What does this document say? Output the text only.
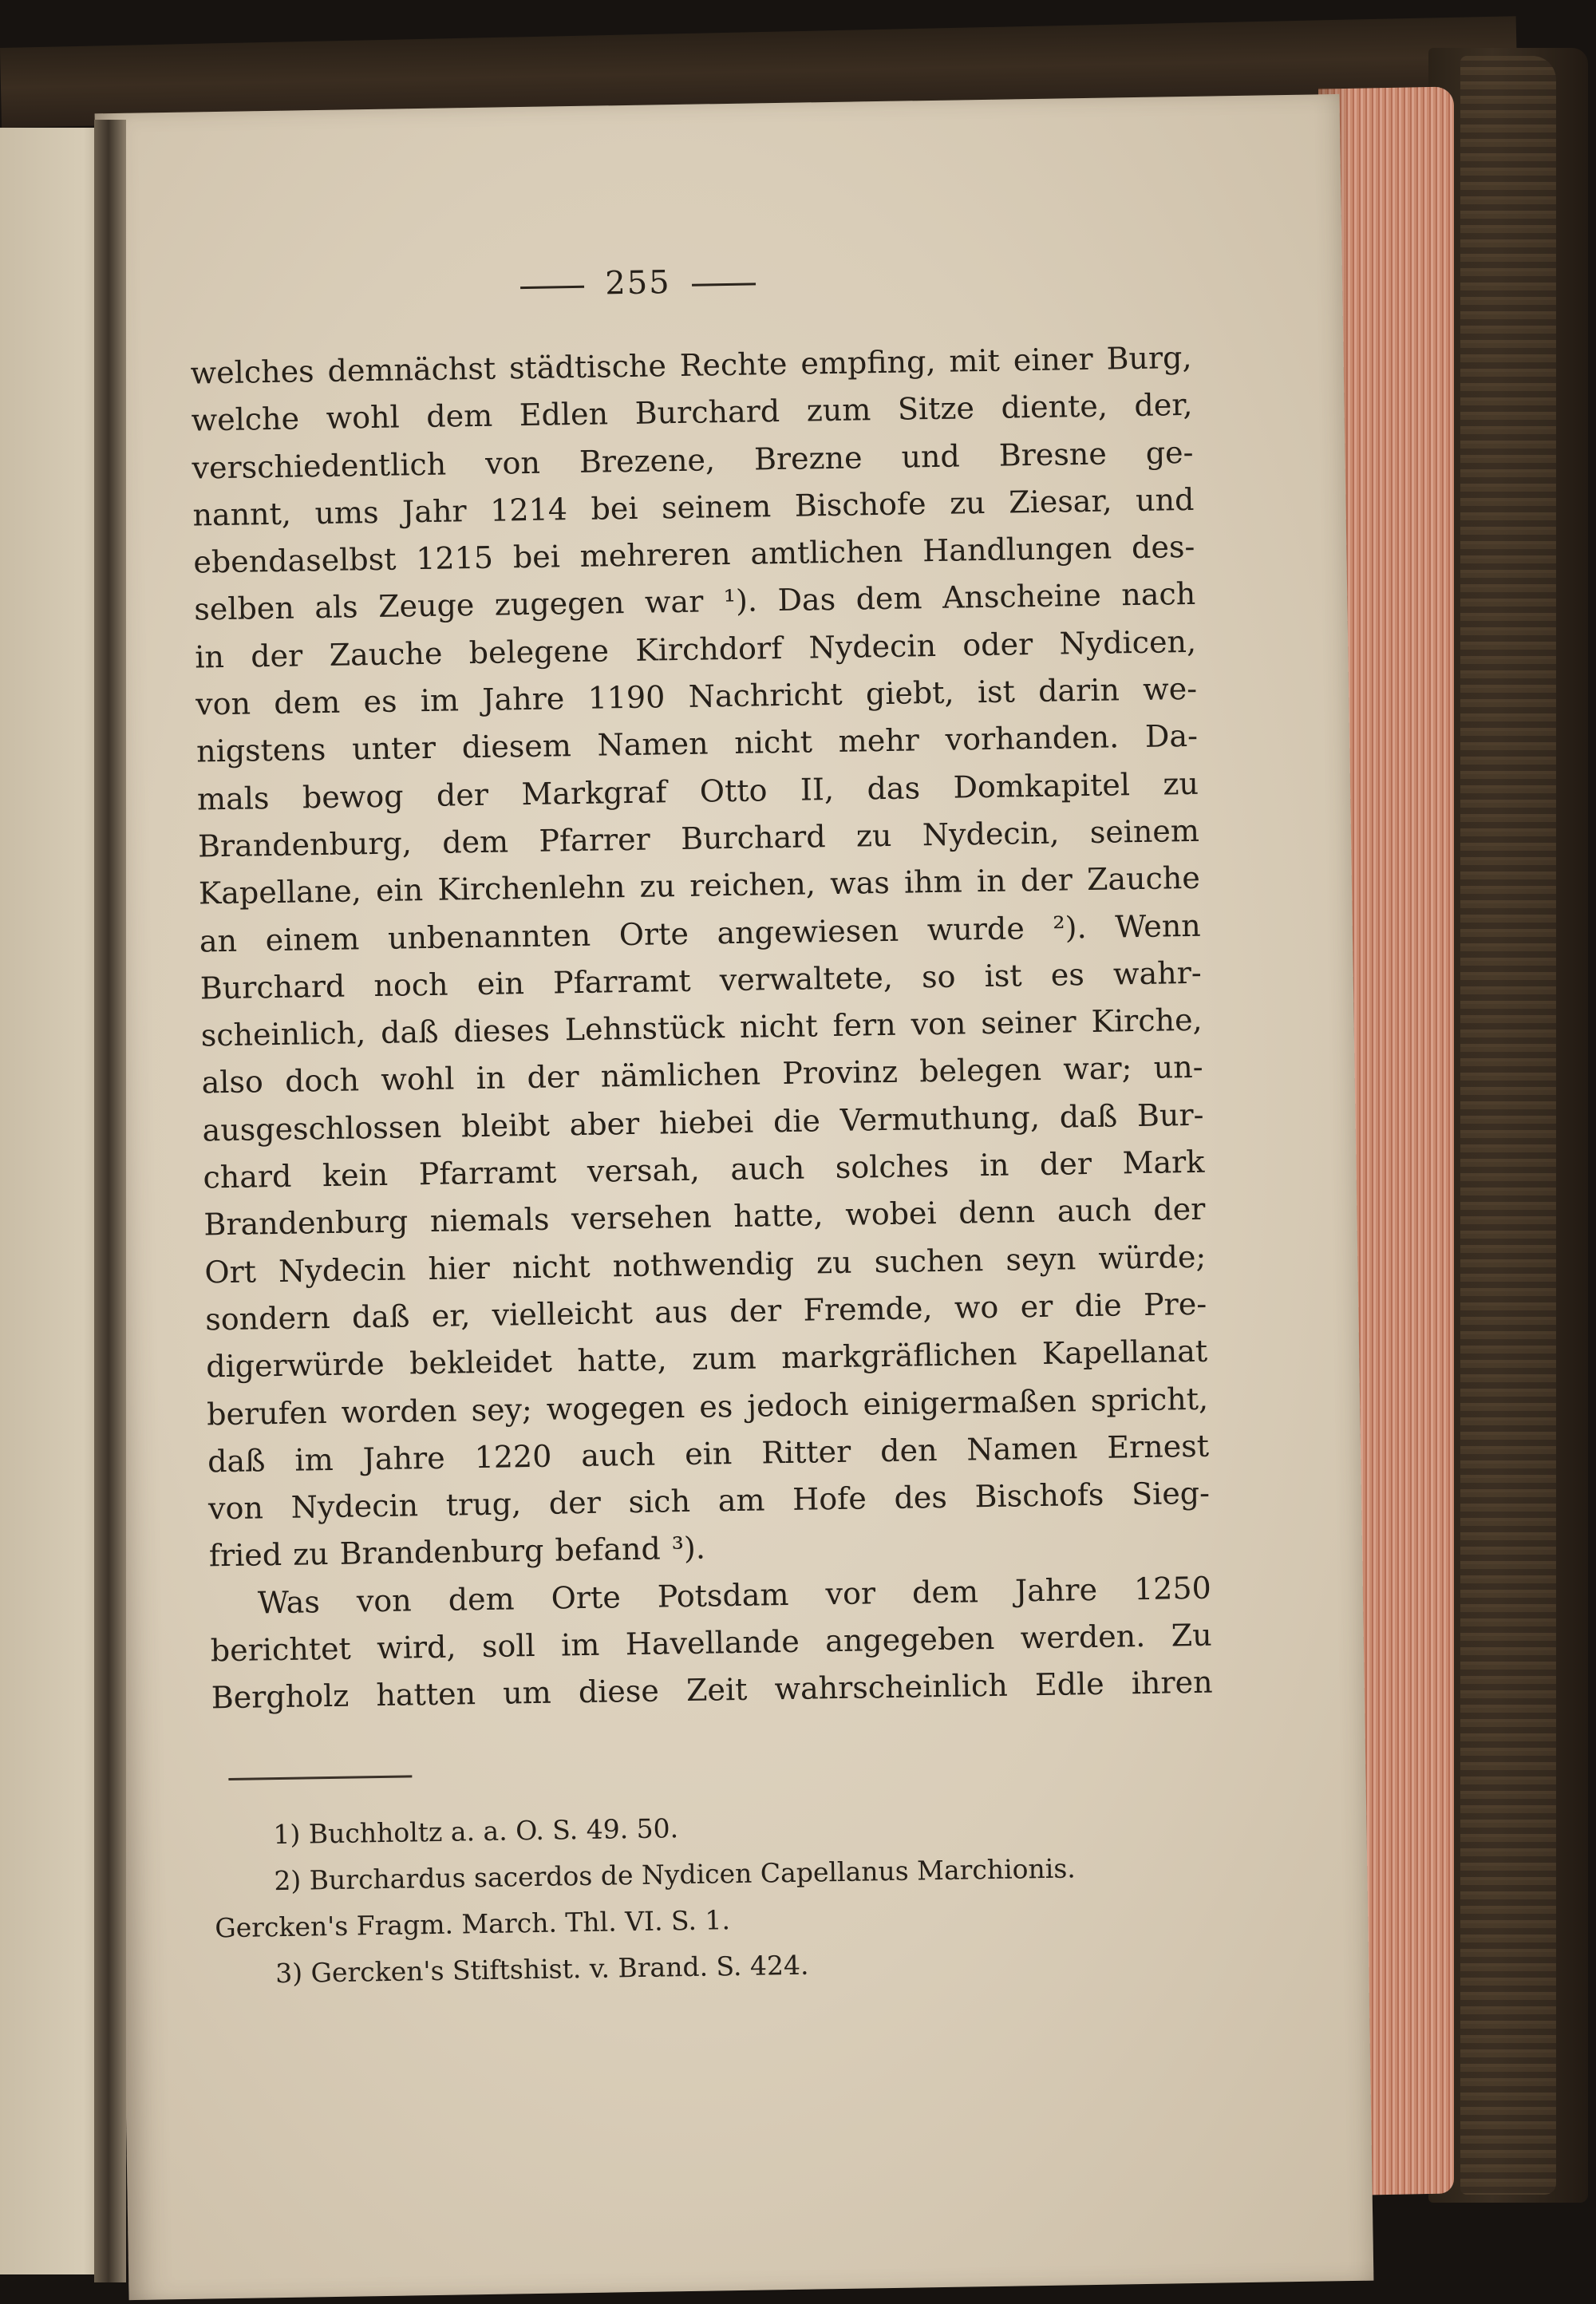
255
welches demnächst städtische Rechte empfing, mit einer Burg,
welche wohl dem Edlen Burchard zum Sitze diente, der,
verschiedentlich von Brezene, Brezne und Bresne ge-
nannt, ums Jahr 1214 bei seinem Bischofe zu Ziesar, und
ebendaselbst 1215 bei mehreren amtlichen Handlungen des-
selben als Zeuge zugegen war ¹). Das dem Anscheine nach
in der Zauche belegene Kirchdorf Nydecin oder Nydicen,
von dem es im Jahre 1190 Nachricht giebt, ist darin we-
nigstens unter diesem Namen nicht mehr vorhanden. Da-
mals bewog der Markgraf Otto II, das Domkapitel zu
Brandenburg, dem Pfarrer Burchard zu Nydecin, seinem
Kapellane, ein Kirchenlehn zu reichen, was ihm in der Zauche
an einem unbenannten Orte angewiesen wurde ²). Wenn
Burchard noch ein Pfarramt verwaltete, so ist es wahr-
scheinlich, daß dieses Lehnstück nicht fern von seiner Kirche,
also doch wohl in der nämlichen Provinz belegen war; un-
ausgeschlossen bleibt aber hiebei die Vermuthung, daß Bur-
chard kein Pfarramt versah, auch solches in der Mark
Brandenburg niemals versehen hatte, wobei denn auch der
Ort Nydecin hier nicht nothwendig zu suchen seyn würde;
sondern daß er, vielleicht aus der Fremde, wo er die Pre-
digerwürde bekleidet hatte, zum markgräflichen Kapellanat
berufen worden sey; wogegen es jedoch einigermaßen spricht,
daß im Jahre 1220 auch ein Ritter den Namen Ernest
von Nydecin trug, der sich am Hofe des Bischofs Sieg-
fried zu Brandenburg befand ³).
Was von dem Orte Potsdam vor dem Jahre 1250
berichtet wird, soll im Havellande angegeben werden. Zu
Bergholz hatten um diese Zeit wahrscheinlich Edle ihren
1) Buchholtz a. a. O. S. 49. 50.
2) Burchardus sacerdos de Nydicen Capellanus Marchionis.
Gercken's Fragm. March. Thl. VI. S. 1.
3) Gercken's Stiftshist. v. Brand. S. 424.
